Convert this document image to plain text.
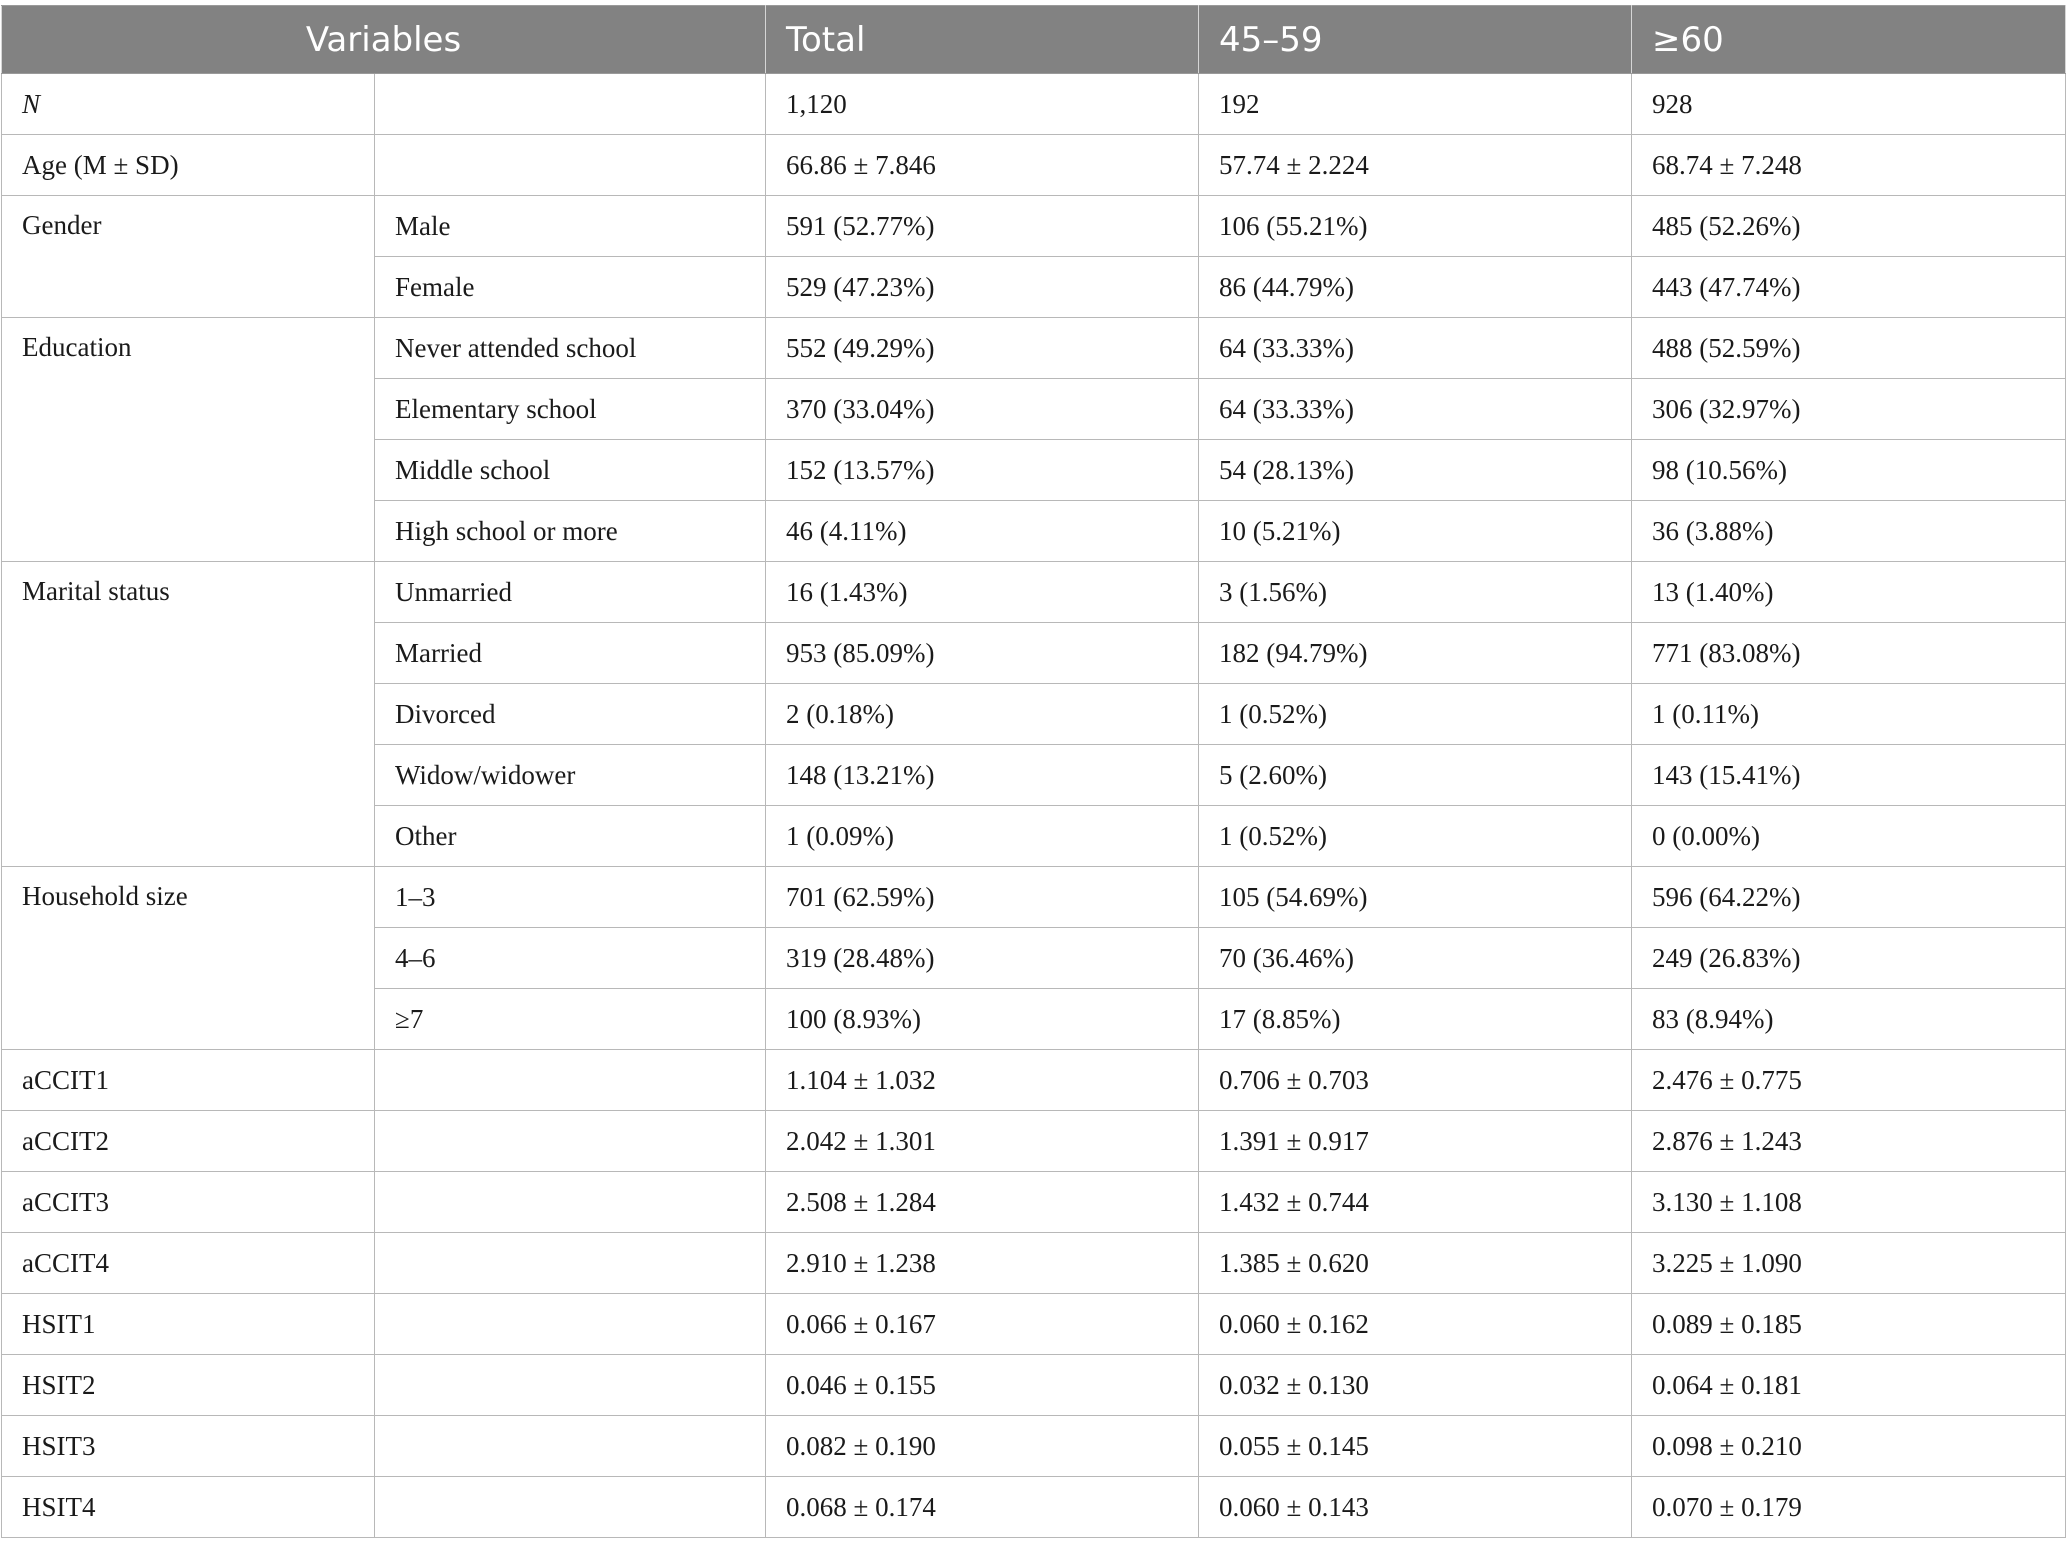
Variables		Total	45–59	≥60
N		1,120	192	928
Age (M ± SD)		66.86 ± 7.846	57.74 ± 2.224	68.74 ± 7.248
Gender	Male	591 (52.77%)	106 (55.21%)	485 (52.26%)
	Female	529 (47.23%)	86 (44.79%)	443 (47.74%)
Education	Never attended school	552 (49.29%)	64 (33.33%)	488 (52.59%)
	Elementary school	370 (33.04%)	64 (33.33%)	306 (32.97%)
	Middle school	152 (13.57%)	54 (28.13%)	98 (10.56%)
	High school or more	46 (4.11%)	10 (5.21%)	36 (3.88%)
Marital status	Unmarried	16 (1.43%)	3 (1.56%)	13 (1.40%)
	Married	953 (85.09%)	182 (94.79%)	771 (83.08%)
	Divorced	2 (0.18%)	1 (0.52%)	1 (0.11%)
	Widow/widower	148 (13.21%)	5 (2.60%)	143 (15.41%)
	Other	1 (0.09%)	1 (0.52%)	0 (0.00%)
Household size	1–3	701 (62.59%)	105 (54.69%)	596 (64.22%)
	4–6	319 (28.48%)	70 (36.46%)	249 (26.83%)
	≥7	100 (8.93%)	17 (8.85%)	83 (8.94%)
aCCIT1		1.104 ± 1.032	0.706 ± 0.703	2.476 ± 0.775
aCCIT2		2.042 ± 1.301	1.391 ± 0.917	2.876 ± 1.243
aCCIT3		2.508 ± 1.284	1.432 ± 0.744	3.130 ± 1.108
aCCIT4		2.910 ± 1.238	1.385 ± 0.620	3.225 ± 1.090
HSIT1		0.066 ± 0.167	0.060 ± 0.162	0.089 ± 0.185
HSIT2		0.046 ± 0.155	0.032 ± 0.130	0.064 ± 0.181
HSIT3		0.082 ± 0.190	0.055 ± 0.145	0.098 ± 0.210
HSIT4		0.068 ± 0.174	0.060 ± 0.143	0.070 ± 0.179
